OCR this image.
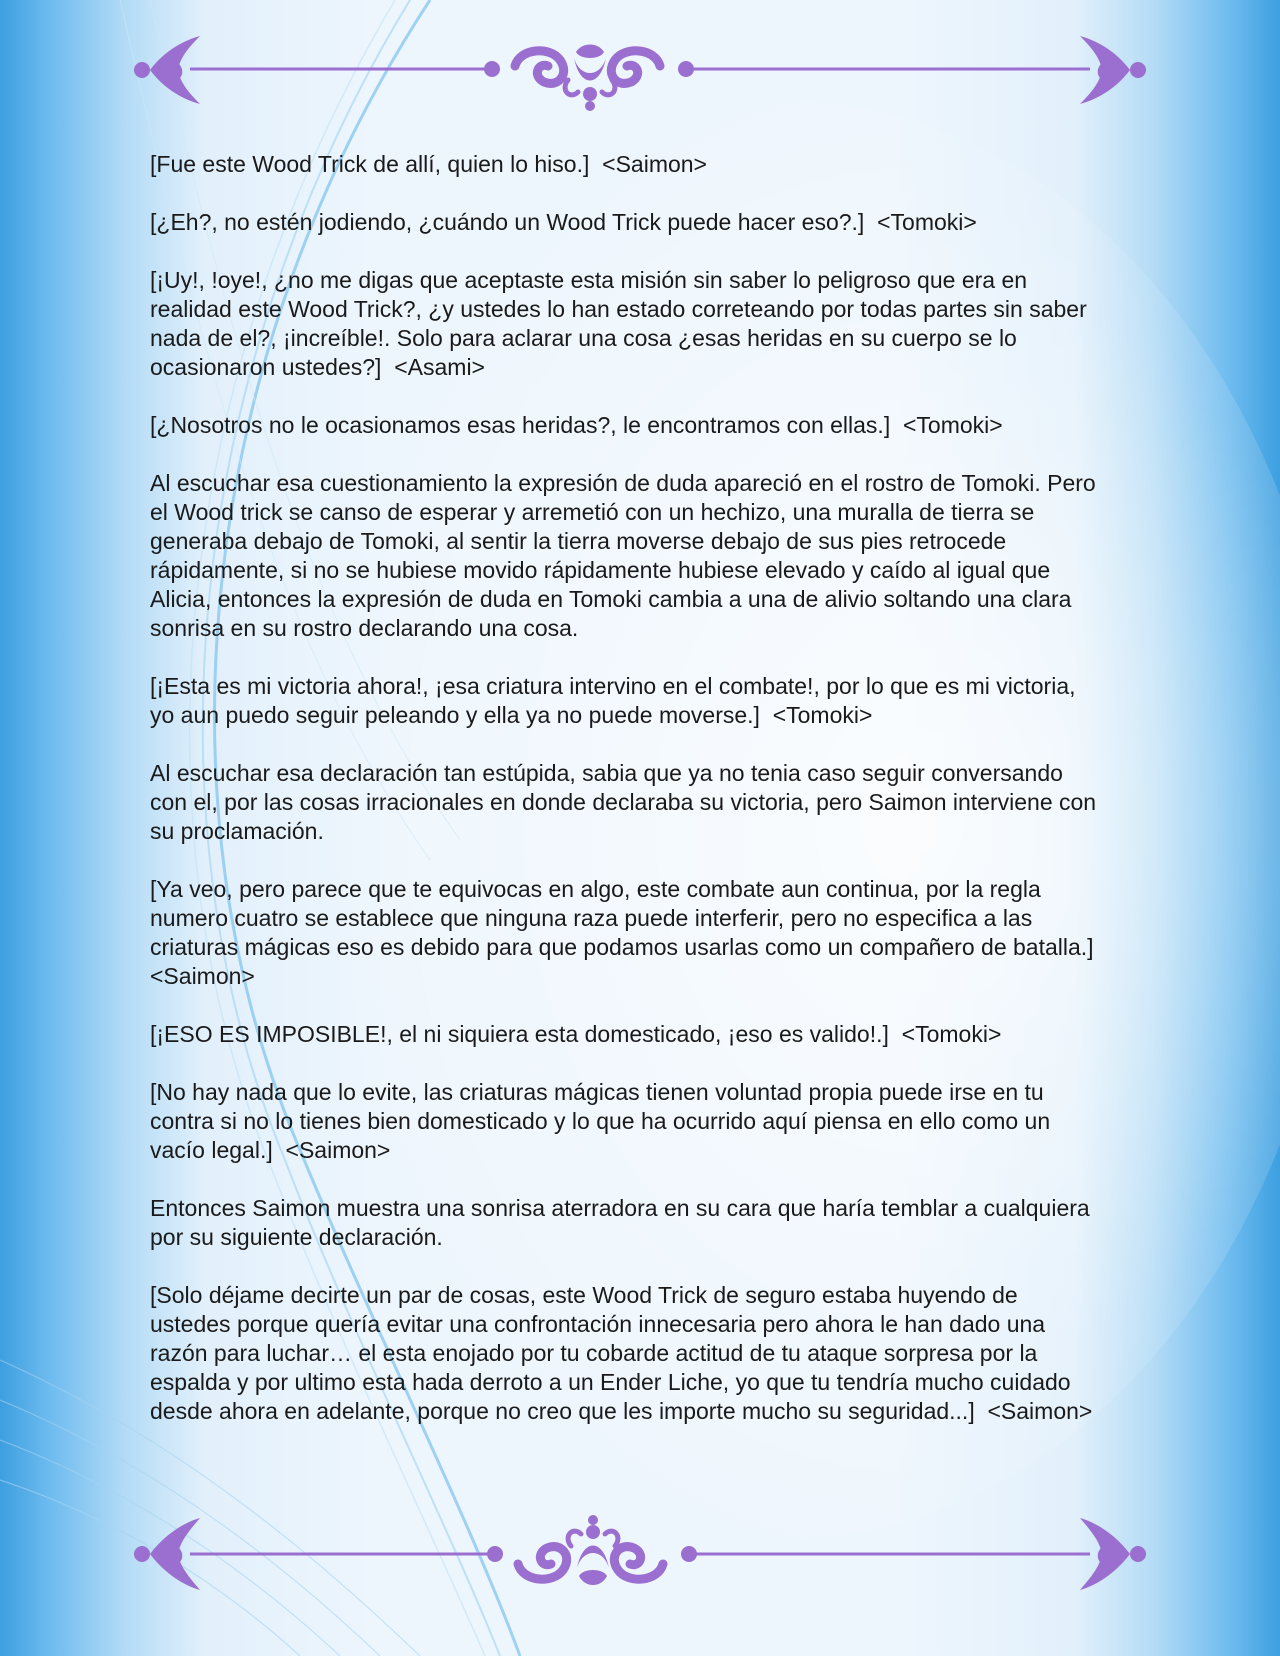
[Fue este Wood Trick de allí, quien lo hiso.]  <Saimon>

[¿Eh?, no estén jodiendo, ¿cuándo un Wood Trick puede hacer eso?.]  <Tomoki>

[¡Uy!, !oye!, ¿no me digas que aceptaste esta misión sin saber lo peligroso que era en realidad este Wood Trick?, ¿y ustedes lo han estado correteando por todas partes sin saber nada de el?, ¡increíble!. Solo para aclarar una cosa ¿esas heridas en su cuerpo se lo ocasionaron ustedes?]  <Asami>

[¿Nosotros no le ocasionamos esas heridas?, le encontramos con ellas.]  <Tomoki>

Al escuchar esa cuestionamiento la expresión de duda apareció en el rostro de Tomoki. Pero el Wood trick se canso de esperar y arremetió con un hechizo, una muralla de tierra se generaba debajo de Tomoki, al sentir la tierra moverse debajo de sus pies retrocede rápidamente, si no se hubiese movido rápidamente hubiese elevado y caído al igual que Alicia, entonces la expresión de duda en Tomoki cambia a una de alivio soltando una clara sonrisa en su rostro declarando una cosa.

[¡Esta es mi victoria ahora!, ¡esa criatura intervino en el combate!, por lo que es mi victoria, yo aun puedo seguir peleando y ella ya no puede moverse.]  <Tomoki>

Al escuchar esa declaración tan estúpida, sabia que ya no tenia caso seguir conversando con el, por las cosas irracionales en donde declaraba su victoria, pero Saimon interviene con su proclamación.

[Ya veo, pero parece que te equivocas en algo, este combate aun continua, por la regla numero cuatro se establece que ninguna raza puede interferir, pero no especifica a las criaturas mágicas eso es debido para que podamos usarlas como un compañero de batalla.]  <Saimon>

[¡ESO ES IMPOSIBLE!, el ni siquiera esta domesticado, ¡eso es valido!.]  <Tomoki>

[No hay nada que lo evite, las criaturas mágicas tienen voluntad propia puede irse en tu contra si no lo tienes bien domesticado y lo que ha ocurrido aquí piensa en ello como un vacío legal.]  <Saimon>

Entonces Saimon muestra una sonrisa aterradora en su cara que haría temblar a cualquiera por su siguiente declaración.

[Solo déjame decirte un par de cosas, este Wood Trick de seguro estaba huyendo de ustedes porque quería evitar una confrontación innecesaria pero ahora le han dado una razón para luchar… el esta enojado por tu cobarde actitud de tu ataque sorpresa por la espalda y por ultimo esta hada derroto a un Ender Liche, yo que tu tendría mucho cuidado desde ahora en adelante, porque no creo que les importe mucho su seguridad...]  <Saimon>
